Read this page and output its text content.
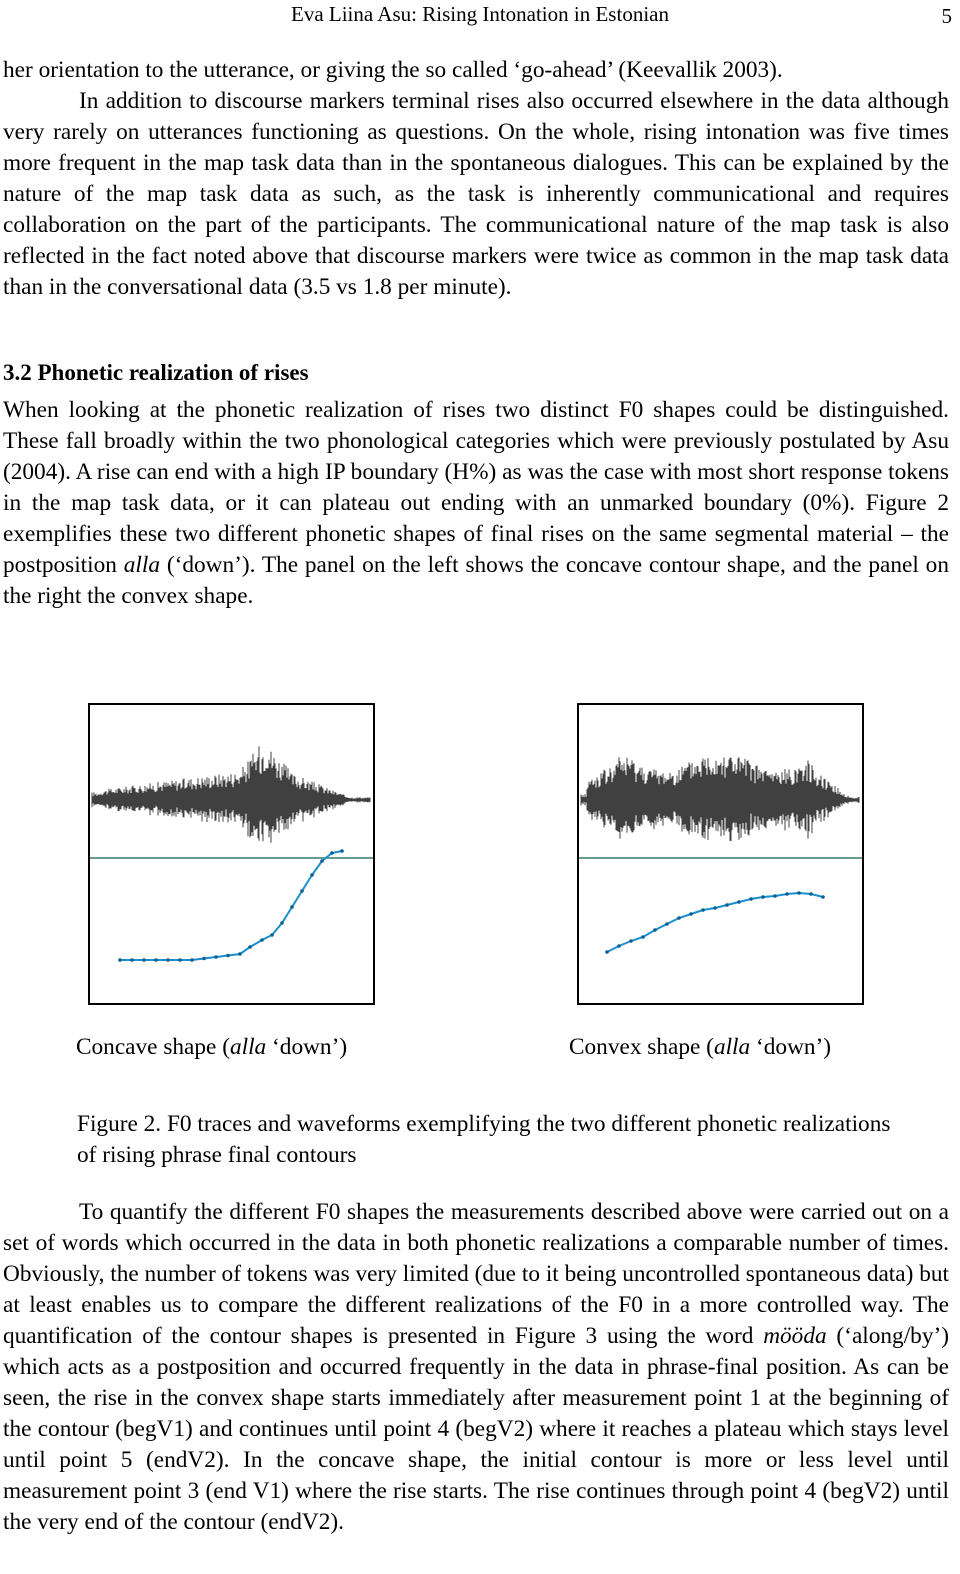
Eva Liina Asu: Rising Intonation in Estonian	5

her orientation to the utterance, or giving the so called ‘go-ahead’ (Keevallik 2003).

In addition to discourse markers terminal rises also occurred elsewhere in the data although very rarely on utterances functioning as questions. On the whole, rising intonation was five times more frequent in the map task data than in the spontaneous dialogues. This can be explained by the nature of the map task data as such, as the task is inherently communicational and requires collaboration on the part of the participants. The communicational nature of the map task is also reflected in the fact noted above that discourse markers were twice as common in the map task data than in the conversational data (3.5 vs 1.8 per minute).

3.2 Phonetic realization of rises

When looking at the phonetic realization of rises two distinct F0 shapes could be distinguished. These fall broadly within the two phonological categories which were previously postulated by Asu (2004). A rise can end with a high IP boundary (H%) as was the case with most short response tokens in the map task data, or it can plateau out ending with an unmarked boundary (0%). Figure 2 exemplifies these two different phonetic shapes of final rises on the same segmental material – the postposition alla (‘down’). The panel on the left shows the concave contour shape, and the panel on the right the convex shape.

Concave shape (alla ‘down’)	Convex shape (alla ‘down’)
Figure 2. F0 traces and waveforms exemplifying the two different phonetic realizations of rising phrase final contours

To quantify the different F0 shapes the measurements described above were carried out on a set of words which occurred in the data in both phonetic realizations a comparable number of times. Obviously, the number of tokens was very limited (due to it being uncontrolled spontaneous data) but at least enables us to compare the different realizations of the F0 in a more controlled way. The quantification of the contour shapes is presented in Figure 3 using the word mööda (‘along/by’) which acts as a postposition and occurred frequently in the data in phrase-final position. As can be seen, the rise in the convex shape starts immediately after measurement point 1 at the beginning of the contour (begV1) and continues until point 4 (begV2) where it reaches a plateau which stays level until point 5 (endV2). In the concave shape, the initial contour is more or less level until measurement point 3 (end V1) where the rise starts. The rise continues through point 4 (begV2) until the very end of the contour (endV2).
